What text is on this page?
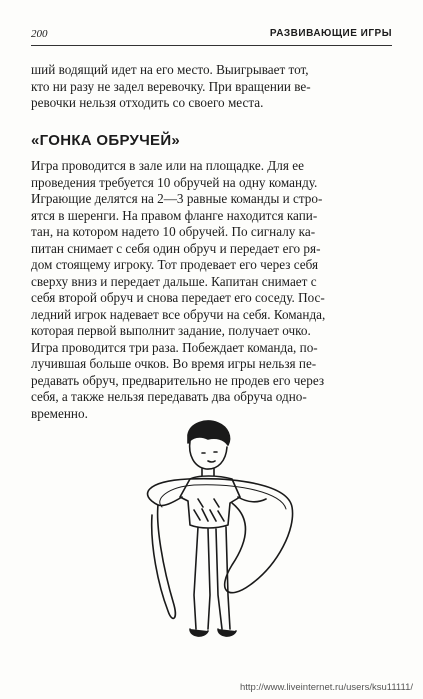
200	РАЗВИВАЮЩИЕ ИГРЫ
ший водящий идет на его место. Выигрывает тот,
кто ни разу не задел веревочку. При вращении ве-
ревочки нельзя отходить со своего места.
«ГОНКА ОБРУЧЕЙ»
Игра проводится в зале или на площадке. Для ее
проведения требуется 10 обручей на одну команду.
Играющие делятся на 2—3 равные команды и стро-
ятся в шеренги. На правом фланге находится капи-
тан, на котором надето 10 обручей. По сигналу ка-
питан снимает с себя один обруч и передает его ря-
дом стоящему игроку. Тот продевает его через себя
сверху вниз и передает дальше. Капитан снимает с
себя второй обруч и снова передает его соседу. Пос-
ледний игрок надевает все обручи на себя. Команда,
которая первой выполнит задание, получает очко.
Игра проводится три раза. Побеждает команда, по-
лучившая больше очков. Во время игры нельзя пе-
редавать обруч, предварительно не продев его через
себя, а также нельзя передавать два обруча одно-
временно.
http://www.liveinternet.ru/users/ksu11111/
